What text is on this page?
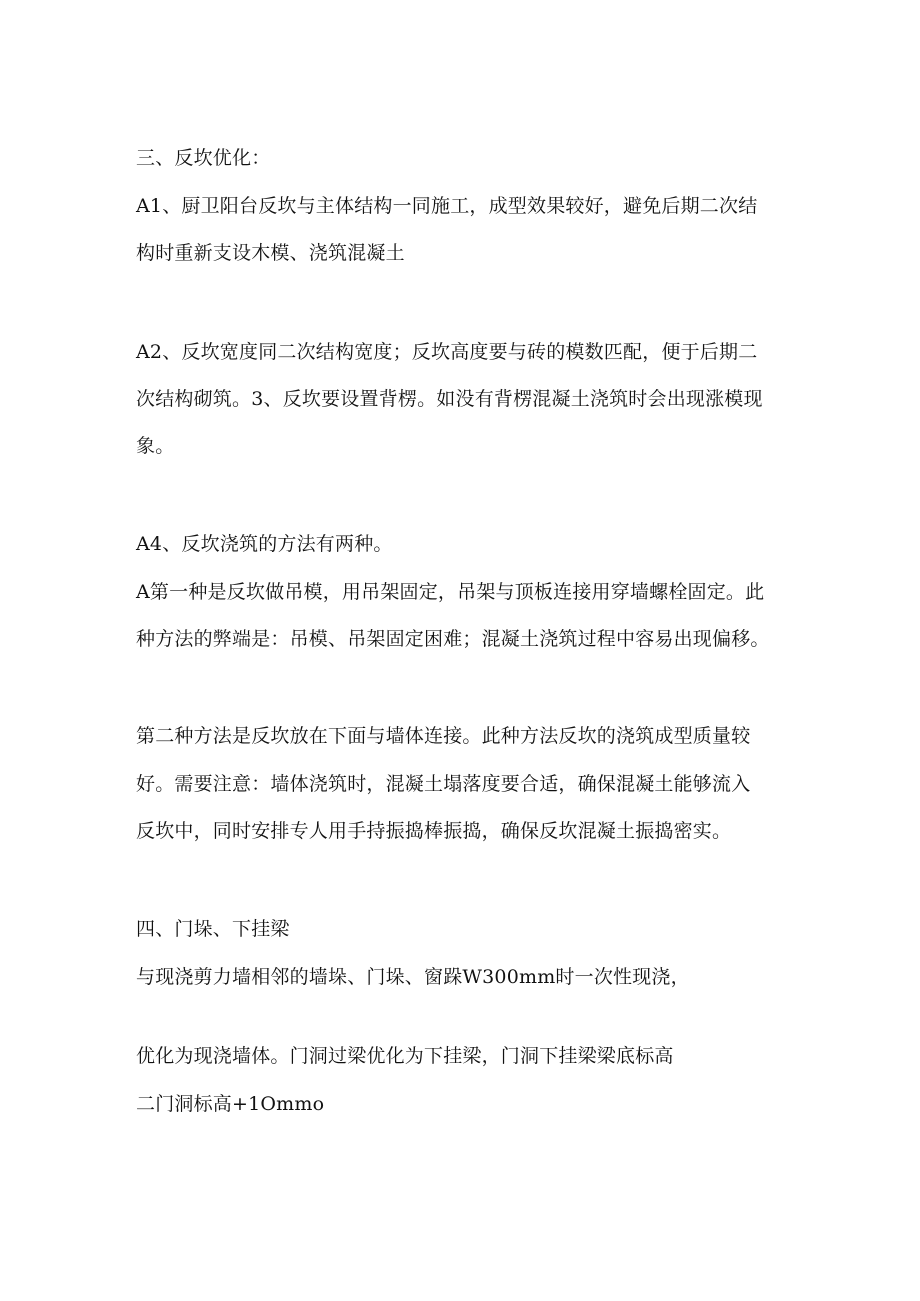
三、反坎优化：
A1、厨卫阳台反坎与主体结构一同施工，成型效果较好，避免后期二次结
构时重新支设木模、浇筑混凝土
A2、反坎宽度同二次结构宽度；反坎高度要与砖的模数匹配，便于后期二
次结构砌筑。3、反坎要设置背楞。如没有背楞混凝土浇筑时会出现涨模现
象。
A4、反坎浇筑的方法有两种。
A第一种是反坎做吊模，用吊架固定，吊架与顶板连接用穿墙螺栓固定。此
种方法的弊端是：吊模、吊架固定困难；混凝土浇筑过程中容易出现偏移。
第二种方法是反坎放在下面与墙体连接。此种方法反坎的浇筑成型质量较
好。需要注意：墙体浇筑时，混凝土塌落度要合适，确保混凝土能够流入
反坎中，同时安排专人用手持振捣棒振捣，确保反坎混凝土振捣密实。
四、门垛、下挂梁
与现浇剪力墙相邻的墙垛、门垛、窗跺W300mm时一次性现浇，
优化为现浇墙体。门洞过梁优化为下挂梁，门洞下挂梁梁底标高
二门洞标高+1Ommo
